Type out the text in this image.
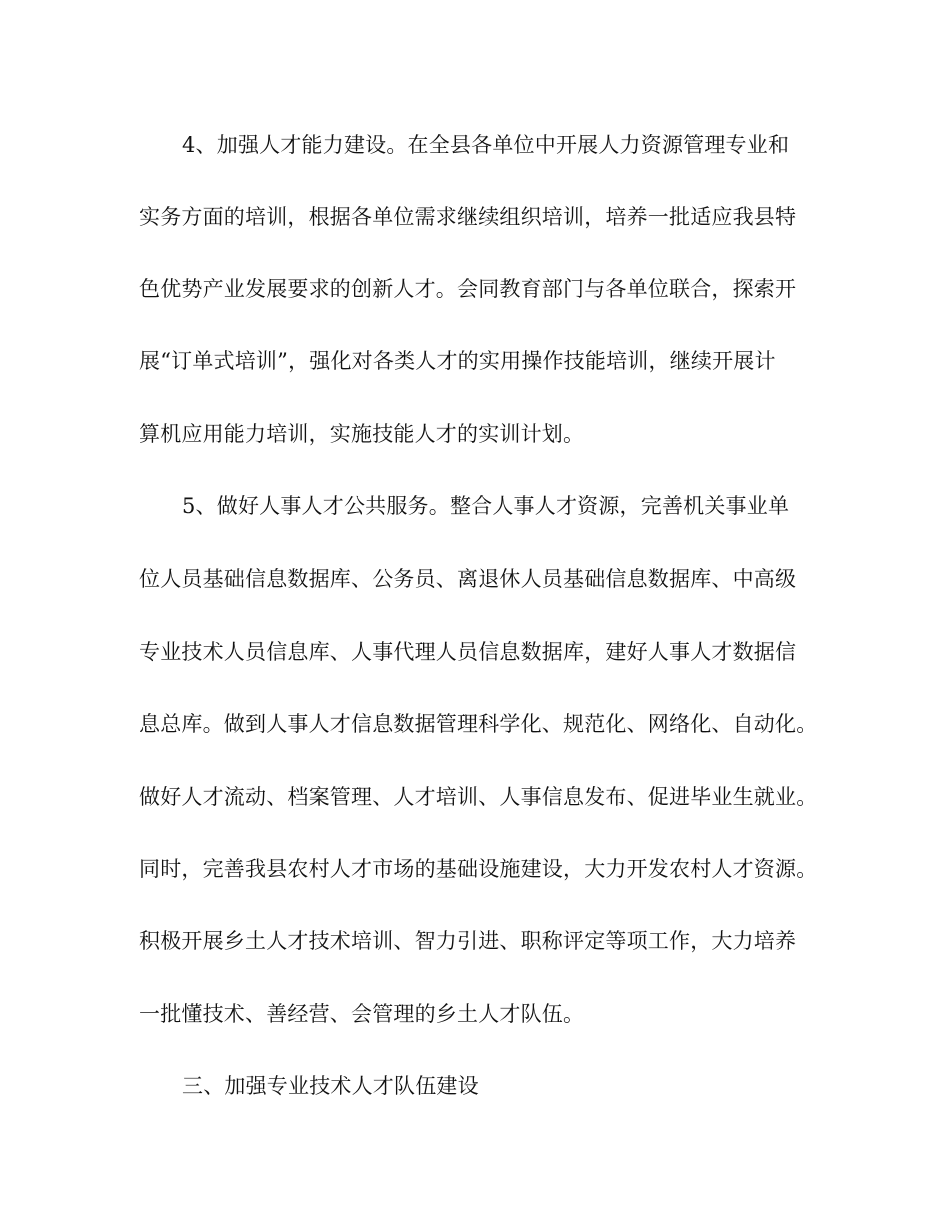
4、加强人才能力建设。在全县各单位中开展人力资源管理专业和
实务方面的培训，根据各单位需求继续组织培训，培养一批适应我县特
色优势产业发展要求的创新人才。会同教育部门与各单位联合，探索开
展“订单式培训”，强化对各类人才的实用操作技能培训，继续开展计
算机应用能力培训，实施技能人才的实训计划。
5、做好人事人才公共服务。整合人事人才资源，完善机关事业单
位人员基础信息数据库、公务员、离退休人员基础信息数据库、中高级
专业技术人员信息库、人事代理人员信息数据库，建好人事人才数据信
息总库。做到人事人才信息数据管理科学化、规范化、网络化、自动化。
做好人才流动、档案管理、人才培训、人事信息发布、促进毕业生就业。
同时，完善我县农村人才市场的基础设施建设，大力开发农村人才资源。
积极开展乡土人才技术培训、智力引进、职称评定等项工作，大力培养
一批懂技术、善经营、会管理的乡土人才队伍。
三、加强专业技术人才队伍建设
